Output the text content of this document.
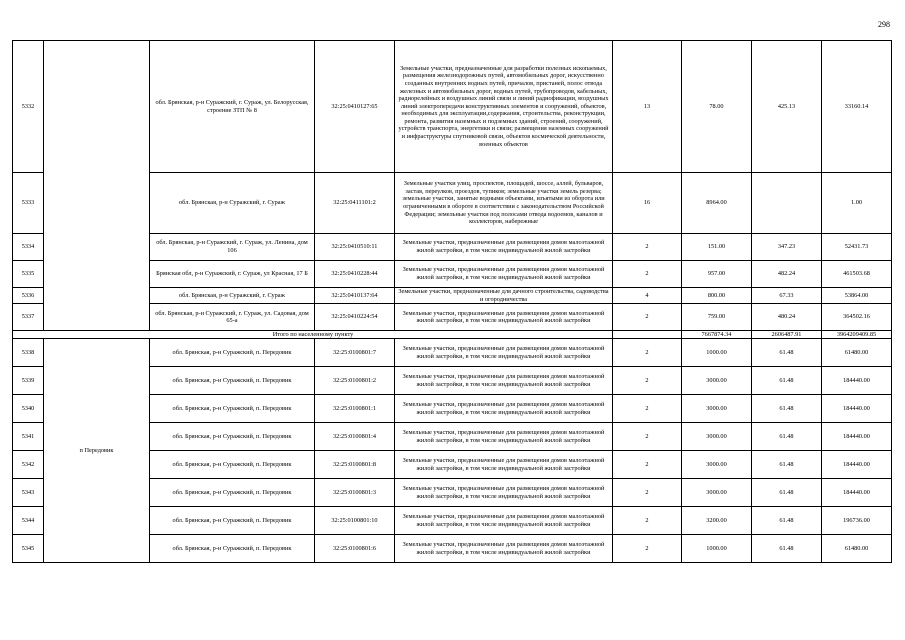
298
5332		обл. Брянская, р-н Суражский, г. Сураж, ул. Белорусская, строение ЗТП № 8	32:25:0410127:65	Земельные участки, предназначенные для разработки полезных ископаемых, размещения железнодорожных путей, автомобильных дорог, искусственно созданных внутренних водных путей, причалов, пристаней, полос отвода железных и автомобильных дорог, водных путей, трубопроводов, кабельных, радиорелейных и воздушных линий связи и линий радиофикации, воздушных линий электропередачи конструктивных элементов и сооружений, объектов, необходимых для эксплуатации,содержания, строительства, реконструкции, ремонта, развития наземных и подземных зданий, строений, сооружений, устройств транспорта, энергетики и связи; размещения наземных сооружений и инфраструктуры спутниковой связи, объектов космической деятельности, военных объектов	13	78.00	425.13	33160.14
5333		обл. Брянская, р-н Суражский, г. Сураж	32:25:0411101:2	Земельные участки улиц, проспектов, площадей, шоссе, аллей, бульваров, застав, переулков, проездов, тупиков; земельные участки земель резерва; земельные участки, занятые водными объектами, изъятыми из оборота или ограниченными в обороте в соответствии с законодательством Российской Федерации; земельные участки под полосами отвода водоемов, каналов и коллекторов, набережные	16	8964.00		1.00
5334		обл. Брянская, р-н Суражский, г. Сураж, ул. Ленина, дом 106	32:25:0410510:11	Земельные участки, предназначенные для размещения домов малоэтажной жилой застройки, в том числе индивидуальной жилой застройки	2	151.00	347.23	52431.73
5335		Брянская обл, р-н Суражский, г. Сураж, ул Красная, 17 Б	32:25:0410228:44	Земельные участки, предназначенные для размещения домов малоэтажной жилой застройки, в том числе индивидуальной жилой застройки	2	957.00	482.24	461503.68
5336		обл. Брянская, р-н Суражский, г. Сураж	32:25:0410137:64	Земельные участки, предназначенные для дачного строительства, садоводства и огородничества	4	800.00	67.33	53864.00
5337		обл. Брянская, р-н Суражский, г. Сураж, ул. Садовая, дом 65-а	32:25:0410224:54	Земельные участки, предназначенные для размещения домов малоэтажной жилой застройки, в том числе индивидуальной жилой застройки	2	759.00	480.24	364502.16
Итого по населенному пункту						7667874.34	2606487.91	3964209409.85
5338	п Передовик	обл. Брянская, р-н Суражский, п. Передовик	32:25:0100801:7	Земельные участки, предназначенные для размещения домов малоэтажной жилой застройки, в том числе индивидуальной жилой застройки	2	1000.00	61.48	61480.00
5339		обл. Брянская, р-н Суражский, п. Передовик	32:25:0100801:2	Земельные участки, предназначенные для размещения домов малоэтажной жилой застройки, в том числе индивидуальной жилой застройки	2	3000.00	61.48	184440.00
5340		обл. Брянская, р-н Суражский, п. Передовик	32:25:0100801:1	Земельные участки, предназначенные для размещения домов малоэтажной жилой застройки, в том числе индивидуальной жилой застройки	2	3000.00	61.48	184440.00
5341		обл. Брянская, р-н Суражский, п. Передовик	32:25:0100801:4	Земельные участки, предназначенные для размещения домов малоэтажной жилой застройки, в том числе индивидуальной жилой застройки	2	3000.00	61.48	184440.00
5342		обл. Брянская, р-н Суражский, п. Передовик	32:25:0100801:8	Земельные участки, предназначенные для размещения домов малоэтажной жилой застройки, в том числе индивидуальной жилой застройки	2	3000.00	61.48	184440.00
5343		обл. Брянская, р-н Суражский, п. Передовик	32:25:0100801:3	Земельные участки, предназначенные для размещения домов малоэтажной жилой застройки, в том числе индивидуальной жилой застройки	2	3000.00	61.48	184440.00
5344		обл. Брянская, р-н Суражский, п. Передовик	32:25:0100801:10	Земельные участки, предназначенные для размещения домов малоэтажной жилой застройки, в том числе индивидуальной жилой застройки	2	3200.00	61.48	196736.00
5345		обл. Брянская, р-н Суражский, п. Передовик	32:25:0100801:6	Земельные участки, предназначенные для размещения домов малоэтажной жилой застройки, в том числе индивидуальной жилой застройки	2	1000.00	61.48	61480.00
